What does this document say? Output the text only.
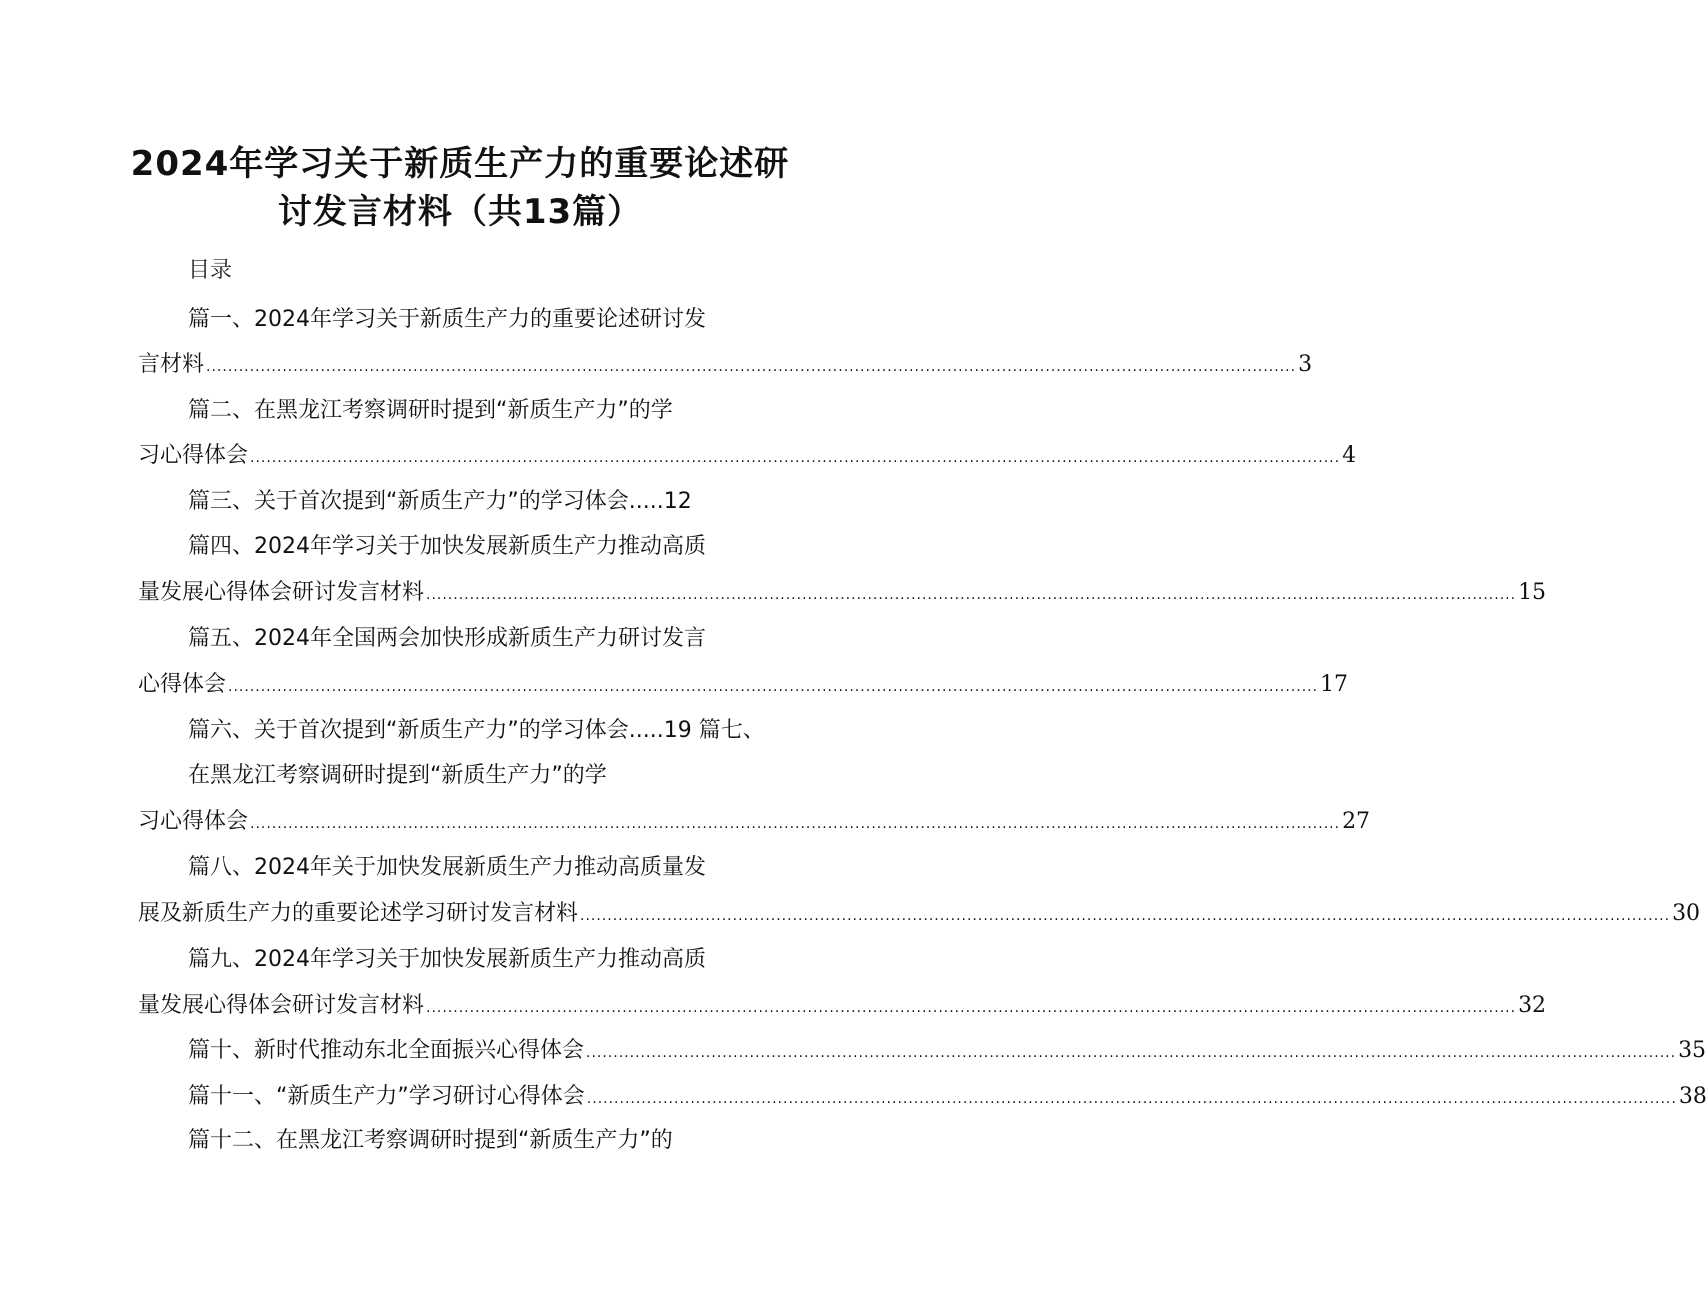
2024年学习关于新质生产力的重要论述研
讨发言材料（共13篇）
目录
篇一、2024年学习关于新质生产力的重要论述研讨发
言材料 ........................................................................................................................................................................................................ 3
篇二、在黑龙江考察调研时提到“新质生产力”的学
习心得体会 ........................................................................................................................................................................................................ 4
篇三、关于首次提到“新质生产力”的学习体会.....12
篇四、2024年学习关于加快发展新质生产力推动高质
量发展心得体会研讨发言材料 ........................................................................................................................................................................................................ 15
篇五、2024年全国两会加快形成新质生产力研讨发言
心得体会 ........................................................................................................................................................................................................ 17
篇六、关于首次提到“新质生产力”的学习体会.....19 篇七、
在黑龙江考察调研时提到“新质生产力”的学
习心得体会 ........................................................................................................................................................................................................ 27
篇八、2024年关于加快发展新质生产力推动高质量发
展及新质生产力的重要论述学习研讨发言材料 ........................................................................................................................................................................................................ 30
篇九、2024年学习关于加快发展新质生产力推动高质
量发展心得体会研讨发言材料 ........................................................................................................................................................................................................ 32
篇十、新时代推动东北全面振兴心得体会 ........................................................................................................................................................................................................ 35
篇十一、“新质生产力”学习研讨心得体会 ........................................................................................................................................................................................................ 38
篇十二、在黑龙江考察调研时提到“新质生产力”的
